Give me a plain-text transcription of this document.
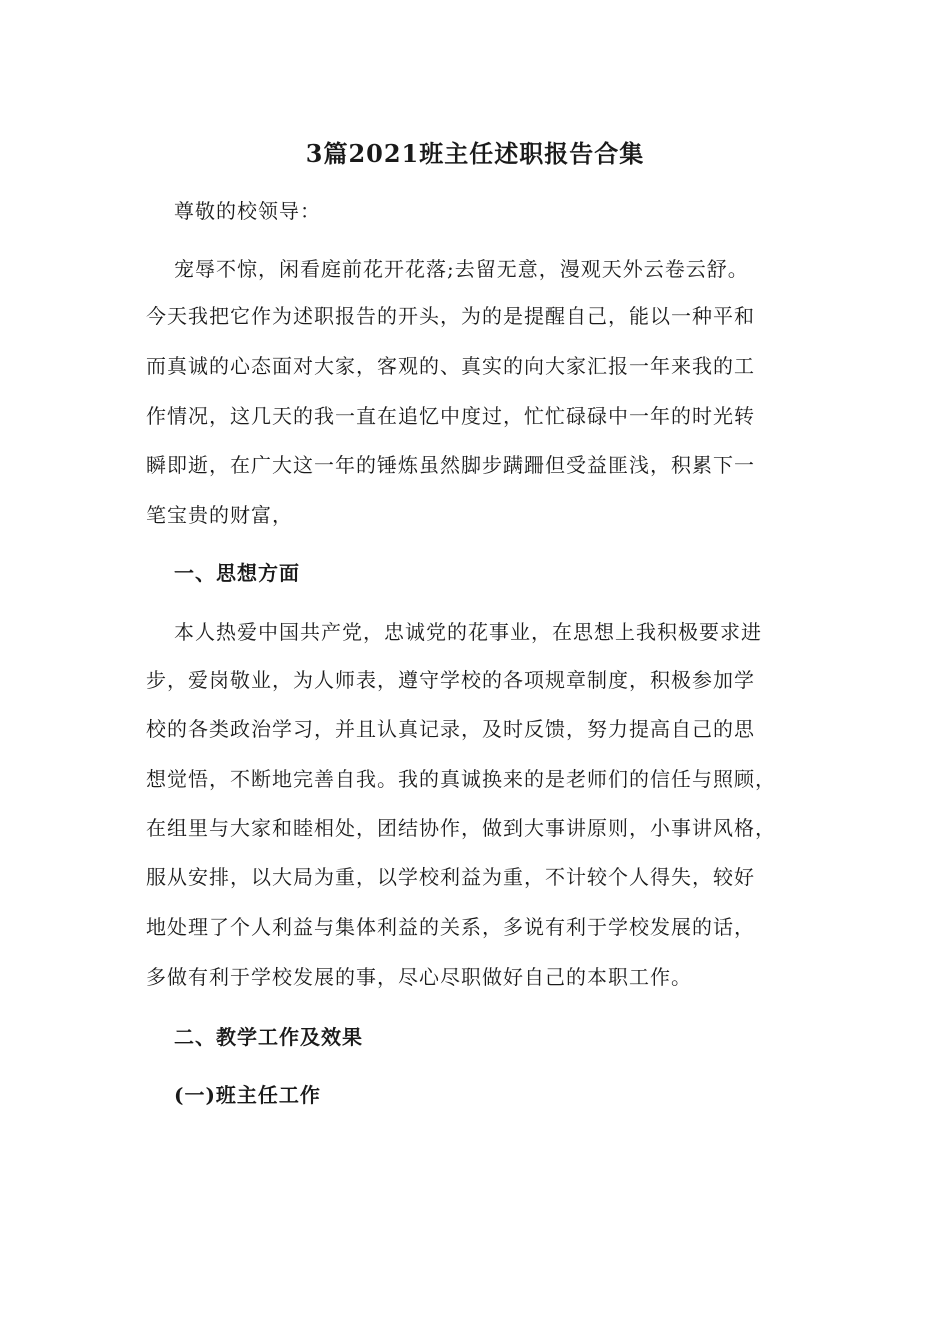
3篇2021班主任述职报告合集
尊敬的校领导：
宠辱不惊，闲看庭前花开花落;去留无意，漫观天外云卷云舒。
今天我把它作为述职报告的开头，为的是提醒自己，能以一种平和
而真诚的心态面对大家，客观的、真实的向大家汇报一年来我的工
作情况，这几天的我一直在追忆中度过，忙忙碌碌中一年的时光转
瞬即逝，在广大这一年的锤炼虽然脚步蹒跚但受益匪浅，积累下一
笔宝贵的财富，
一、思想方面
本人热爱中国共产党，忠诚党的花事业，在思想上我积极要求进
步，爱岗敬业，为人师表，遵守学校的各项规章制度，积极参加学
校的各类政治学习，并且认真记录，及时反馈，努力提高自己的思
想觉悟，不断地完善自我。我的真诚换来的是老师们的信任与照顾，
在组里与大家和睦相处，团结协作，做到大事讲原则，小事讲风格，
服从安排，以大局为重，以学校利益为重，不计较个人得失，较好
地处理了个人利益与集体利益的关系，多说有利于学校发展的话，
多做有利于学校发展的事，尽心尽职做好自己的本职工作。
二、教学工作及效果
(一)班主任工作
